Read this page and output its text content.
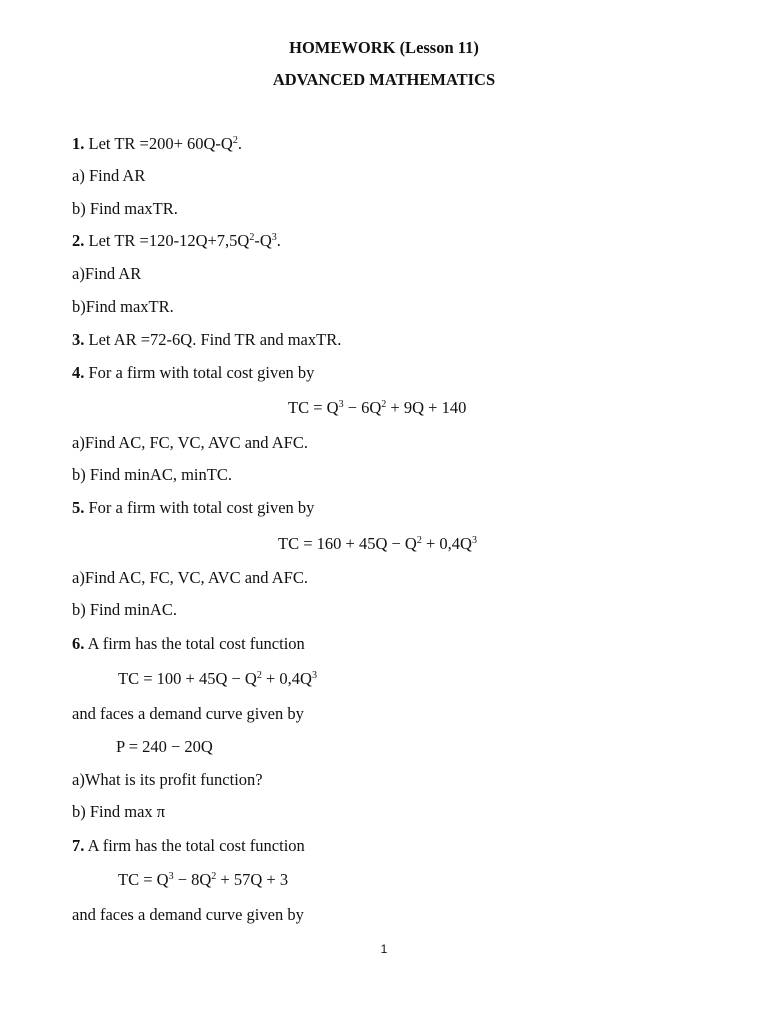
HOMEWORK (Lesson 11)
ADVANCED MATHEMATICS
1. Let TR $=200+ 60Q-Q^2$.
a) Find AR
b) Find maxTR.
2. Let TR $=120-12Q+7,5Q^2-Q^3$.
a)Find AR
b)Find maxTR.
3. Let AR =72-6Q. Find TR and maxTR.
4. For a firm with total cost given by
TC = $Q^3 - 6Q^2 + 9Q + 140$
a)Find AC, FC, VC, AVC and AFC.
b) Find minAC, minTC.
5. For a firm with total cost given by
TC = $160 + 45Q - Q^2 + 0,4Q^3$
a)Find AC, FC, VC, AVC and AFC.
b) Find minAC.
6. A firm has the total cost function
TC = $100 + 45Q - Q^2 + 0,4Q^3$
and faces a demand curve given by
P = 240 − 20Q
a)What is its profit function?
b) Find max π
7. A firm has the total cost function
TC = $Q^3 - 8Q^2 + 57Q + 3$
and faces a demand curve given by
1
